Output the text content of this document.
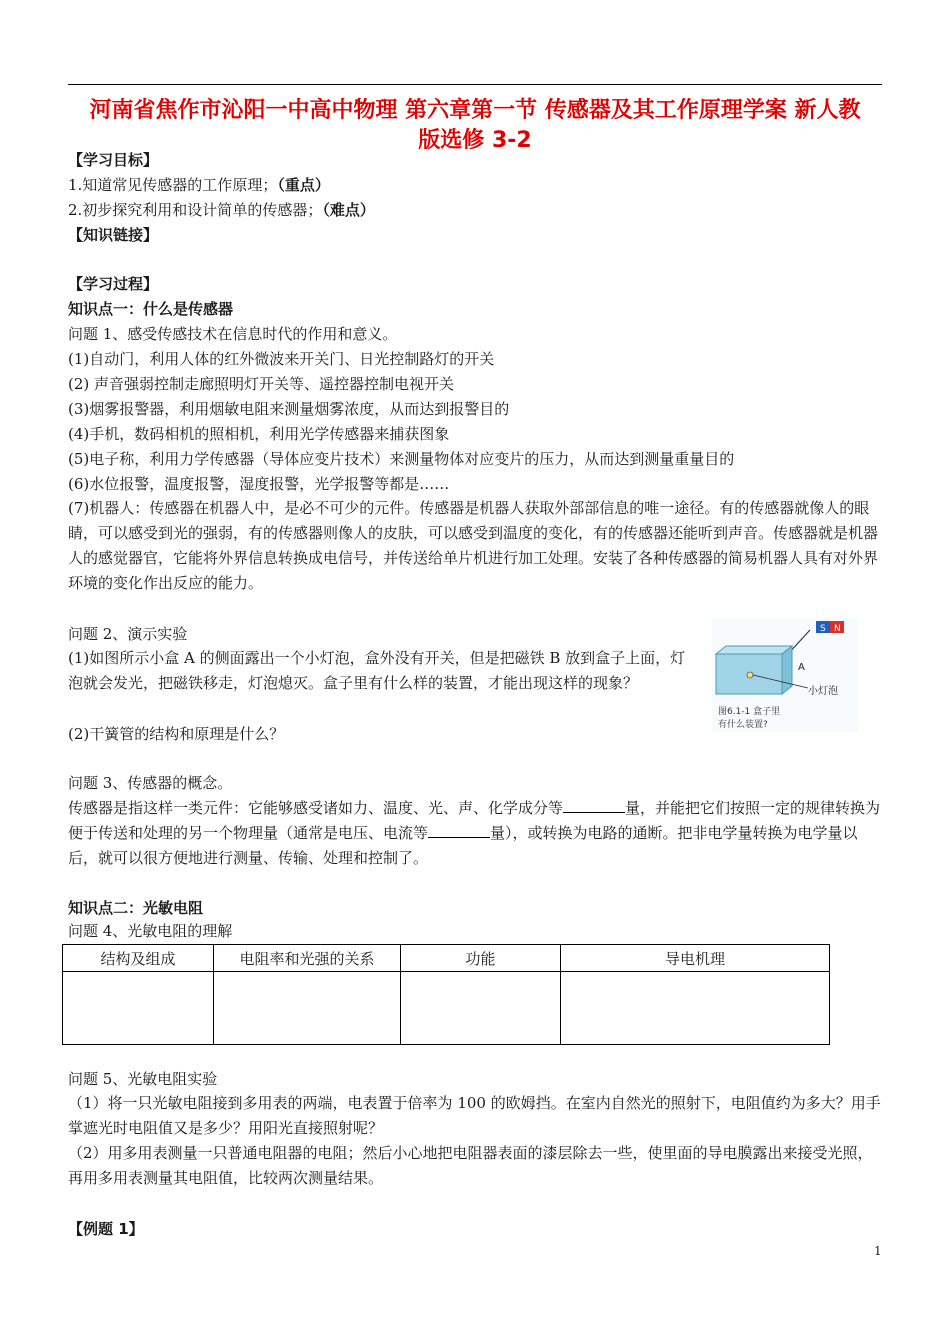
河南省焦作市沁阳一中高中物理 第六章第一节 传感器及其工作原理学案 新人教
版选修 3-2
【学习目标】
1.知道常见传感器的工作原理；（重点）
2.初步探究利用和设计简单的传感器；（难点）
【知识链接】
【学习过程】
知识点一：什么是传感器
问题 1、感受传感技术在信息时代的作用和意义。
(1)自动门，利用人体的红外微波来开关门、日光控制路灯的开关
(2) 声音强弱控制走廊照明灯开关等、遥控器控制电视开关
(3)烟雾报警器，利用烟敏电阻来测量烟雾浓度，从而达到报警目的
(4)手机，数码相机的照相机，利用光学传感器来捕获图象
(5)电子称，利用力学传感器（导体应变片技术）来测量物体对应变片的压力，从而达到测量重量目的
(6)水位报警，温度报警，湿度报警，光学报警等都是……
(7)机器人：传感器在机器人中，是必不可少的元件。传感器是机器人获取外部部信息的唯一途径。有的传感器就像人的眼睛，可以感受到光的强弱，有的传感器则像人的皮肤，可以感受到温度的变化，有的传感器还能听到声音。传感器就是机器人的感觉器官，它能将外界信息转换成电信号，并传送给单片机进行加工处理。安装了各种传感器的简易机器人具有对外界环境的变化作出反应的能力。
问题 2、演示实验
(1)如图所示小盒 A 的侧面露出一个小灯泡，盒外没有开关，但是把磁铁 B 放到盒子上面，灯泡就会发光，把磁铁移走，灯泡熄灭。盒子里有什么样的装置，才能出现这样的现象？
(2)干簧管的结构和原理是什么？
S N
A
小灯泡
图6.1-1 盒子里
有什么装置?
问题 3、传感器的概念。
传感器是指这样一类元件：它能够感受诸如力、温度、光、声、化学成分等	量，并能把它们按照一定的规律转换为便于传送和处理的另一个物理量（通常是电压、电流等	量），或转换为电路的通断。把非电学量转换为电学量以后，就可以很方便地进行测量、传输、处理和控制了。
知识点二：光敏电阻
问题 4、光敏电阻的理解
结构及组成	电阻率和光强的关系	功能	导电机理

问题 5、光敏电阻实验
（1）将一只光敏电阻接到多用表的两端，电表置于倍率为 100 的欧姆挡。在室内自然光的照射下，电阻值约为多大？用手掌遮光时电阻值又是多少？用阳光直接照射呢？
（2）用多用表测量一只普通电阻器的电阻；然后小心地把电阻器表面的漆层除去一些，使里面的导电膜露出来接受光照，再用多用表测量其电阻值，比较两次测量结果。
【例题 1】
1
